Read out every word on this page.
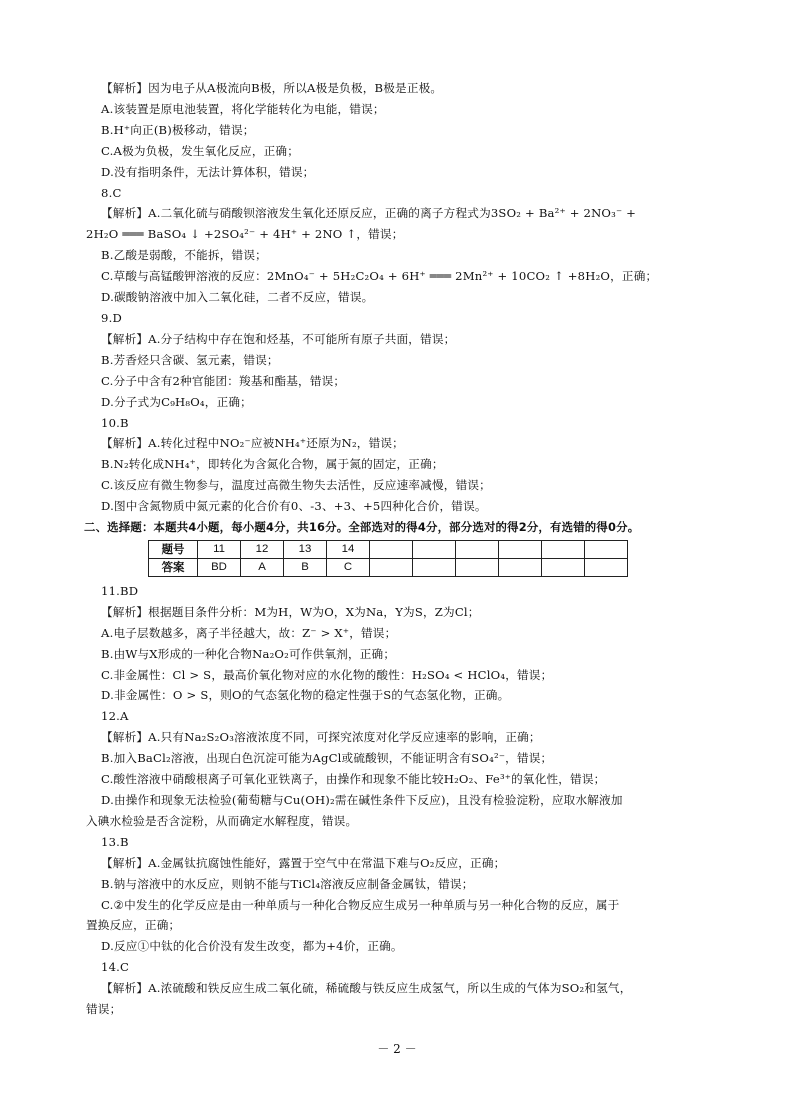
【解析】因为电子从A极流向B极，所以A极是负极，B极是正极。
A.该装置是原电池装置，将化学能转化为电能，错误；
B.H⁺向正(B)极移动，错误；
C.A极为负极，发生氧化反应，正确；
D.没有指明条件，无法计算体积，错误；
8.C
【解析】A.二氧化硫与硝酸钡溶液发生氧化还原反应，正确的离子方程式为3SO₂ + Ba²⁺ + 2NO₃⁻ +
2H₂O ═══ BaSO₄ ↓ +2SO₄²⁻ + 4H⁺ + 2NO ↑，错误；
B.乙酸是弱酸，不能拆，错误；
C.草酸与高锰酸钾溶液的反应：2MnO₄⁻ + 5H₂C₂O₄ + 6H⁺ ═══ 2Mn²⁺ + 10CO₂ ↑ +8H₂O，正确；
D.碳酸钠溶液中加入二氧化硅，二者不反应，错误。
9.D
【解析】A.分子结构中存在饱和烃基，不可能所有原子共面，错误；
B.芳香烃只含碳、氢元素，错误；
C.分子中含有2种官能团：羧基和酯基，错误；
D.分子式为C₉H₈O₄，正确；
10.B
【解析】A.转化过程中NO₂⁻应被NH₄⁺还原为N₂，错误；
B.N₂转化成NH₄⁺，即转化为含氮化合物，属于氮的固定，正确；
C.该反应有微生物参与，温度过高微生物失去活性，反应速率减慢，错误；
D.图中含氮物质中氮元素的化合价有0、-3、+3、+5四种化合价，错误。
二、选择题：本题共4小题，每小题4分，共16分。全部选对的得4分，部分选对的得2分，有选错的得0分。
题号	11	12	13	14						
答案	BD	A	B	C						
11.BD
【解析】根据题目条件分析：M为H，W为O，X为Na，Y为S，Z为Cl；
A.电子层数越多，离子半径越大，故：Z⁻ > X⁺，错误；
B.由W与X形成的一种化合物Na₂O₂可作供氧剂，正确；
C.非金属性：Cl > S，最高价氧化物对应的水化物的酸性：H₂SO₄ < HClO₄，错误；
D.非金属性：O > S，则O的气态氢化物的稳定性强于S的气态氢化物，正确。
12.A
【解析】A.只有Na₂S₂O₃溶液浓度不同，可探究浓度对化学反应速率的影响，正确；
B.加入BaCl₂溶液，出现白色沉淀可能为AgCl或硫酸钡，不能证明含有SO₄²⁻，错误；
C.酸性溶液中硝酸根离子可氧化亚铁离子，由操作和现象不能比较H₂O₂、Fe³⁺的氧化性，错误；
D.由操作和现象无法检验(葡萄糖与Cu(OH)₂需在碱性条件下反应)，且没有检验淀粉，应取水解液加
入碘水检验是否含淀粉，从而确定水解程度，错误。
13.B
【解析】A.金属钛抗腐蚀性能好，露置于空气中在常温下难与O₂反应，正确；
B.钠与溶液中的水反应，则钠不能与TiCl₄溶液反应制备金属钛，错误；
C.②中发生的化学反应是由一种单质与一种化合物反应生成另一种单质与另一种化合物的反应，属于
置换反应，正确；
D.反应①中钛的化合价没有发生改变，都为+4价，正确。
14.C
【解析】A.浓硫酸和铁反应生成二氧化硫，稀硫酸与铁反应生成氢气，所以生成的气体为SO₂和氢气，
错误；
－ 2 －
